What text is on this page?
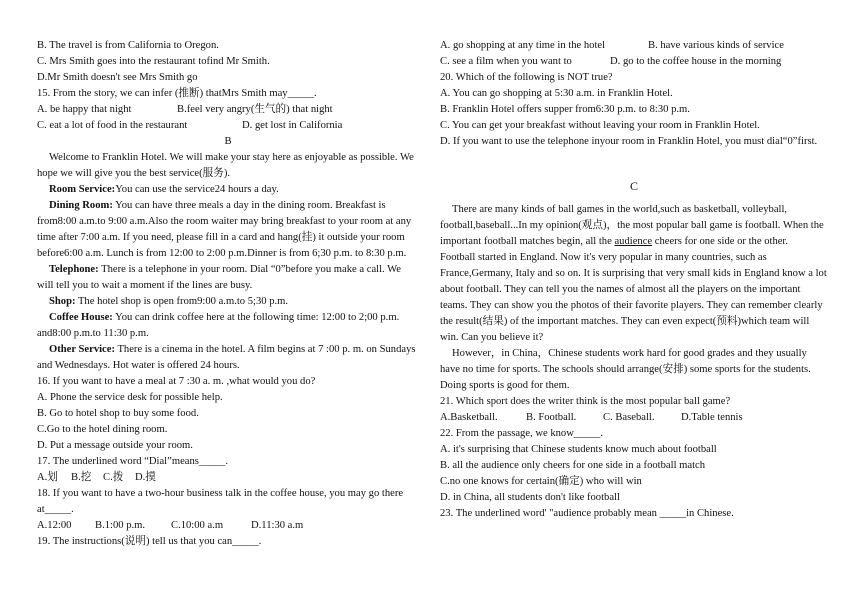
B. The travel is from California to Oregon.

C. Mrs Smith goes into the restaurant tofind Mr Smith.

D.Mr Smith doesn't see Mrs Smith go

15. From the story, we can infer (推断) thatMrs Smith may_____.

A. be happy that night	B.feel very angry(生气的) that night

C. eat a lot of food in the restaurant	D. get lost in California

B

Welcome to Franklin Hotel. We will make your stay here as enjoyable as possible. We hope we will give you the best service(服务).

Room Service:You can use the service24 hours a day.

Dining Room: You can have three meals a day in the dining room. Breakfast is from8:00 a.m.to 9:00 a.m.Also the room waiter may bring breakfast to your room at any time after 7:00 a.m. If you need, please fill in a card and hang(挂) it outside your room before6:00 a.m. Lunch is from 12:00 to 2:00 p.m.Dinner is from 6;30 p.m. to 8:30 p.m.

Telephone: There is a telephone in your room. Dial “0”before you make a call. We will tell you to wait a moment if the lines are busy.

Shop: The hotel shop is open from9:00 a.m.to 5;30 p.m.

Coffee House: You can drink coffee here at the following time: 12:00 to 2;00 p.m. and8:00 p.m.to 11:30 p.m.

Other Service: There is a cinema in the hotel. A film begins at 7 :00 p. m. on Sundays and Wednesdays. Hot water is offered 24 hours.

16. If you want to have a meal at 7 :30 a. m. ,what would you do?

A. Phone the service desk for possible help.

B. Go to hotel shop to buy some food.

C.Go to the hotel dining room.

D. Put a message outside your room.

17. The underlined word “Dial”means_____.

A.划 B.挖 C.拨 D.摸

18. If you want to have a two-hour business talk in the coffee house, you may go there at_____.

A.12:00 B.1:00 p.m. C.10:00 a.m	D.11:30 a.m

19. The instructions(说明) tell us that you can_____.

A. go shopping at any time in the hotel	B. have various kinds of service

C. see a film when you want to	D. go to the coffee house in the morning

20. Which of the following is NOT true?

A. You can go shopping at 5:30 a.m. in Franklin Hotel.

B. Franklin Hotel offers supper from6:30 p.m. to 8:30 p.m.

C. You can get your breakfast without leaving your room in Franklin Hotel.

D. If you want to use the telephone inyour room in Franklin Hotel, you must dial“0”first.

C

There are many kinds of ball games in the world,such as basketball, volleyball, football,baseball...In my opinion(观点)，the most popular ball game is football. When the important football matches begin, all the audience cheers for one side or the other.

Football started in England. Now it's very popular in many countries, such as France,Germany, Italy and so on. It is surprising that very small kids in England know a lot about football. They can tell you the names of almost all the players on the important teams. They can show you the photos of their favorite players. They can remember clearly the result(结果) of the important matches. They can even expect(预料)which team will win. Can you believe it?

However，in China，Chinese students work hard for good grades and they usually have no time for sports. The schools should arrange(安排) some sports for the students. Doing sports is good for them.

21. Which sport does the writer think is the most popular ball game?

A.Basketball.	B. Football.	C. Baseball.	D.Table tennis

22. From the passage, we know_____.

A. it's surprising that Chinese students know much about football

B. all the audience only cheers for one side in a football match

C.no one knows for certain(确定) who will win

D. in China, all students don't like football

23. The underlined word' "audience probably mean _____in Chinese.
